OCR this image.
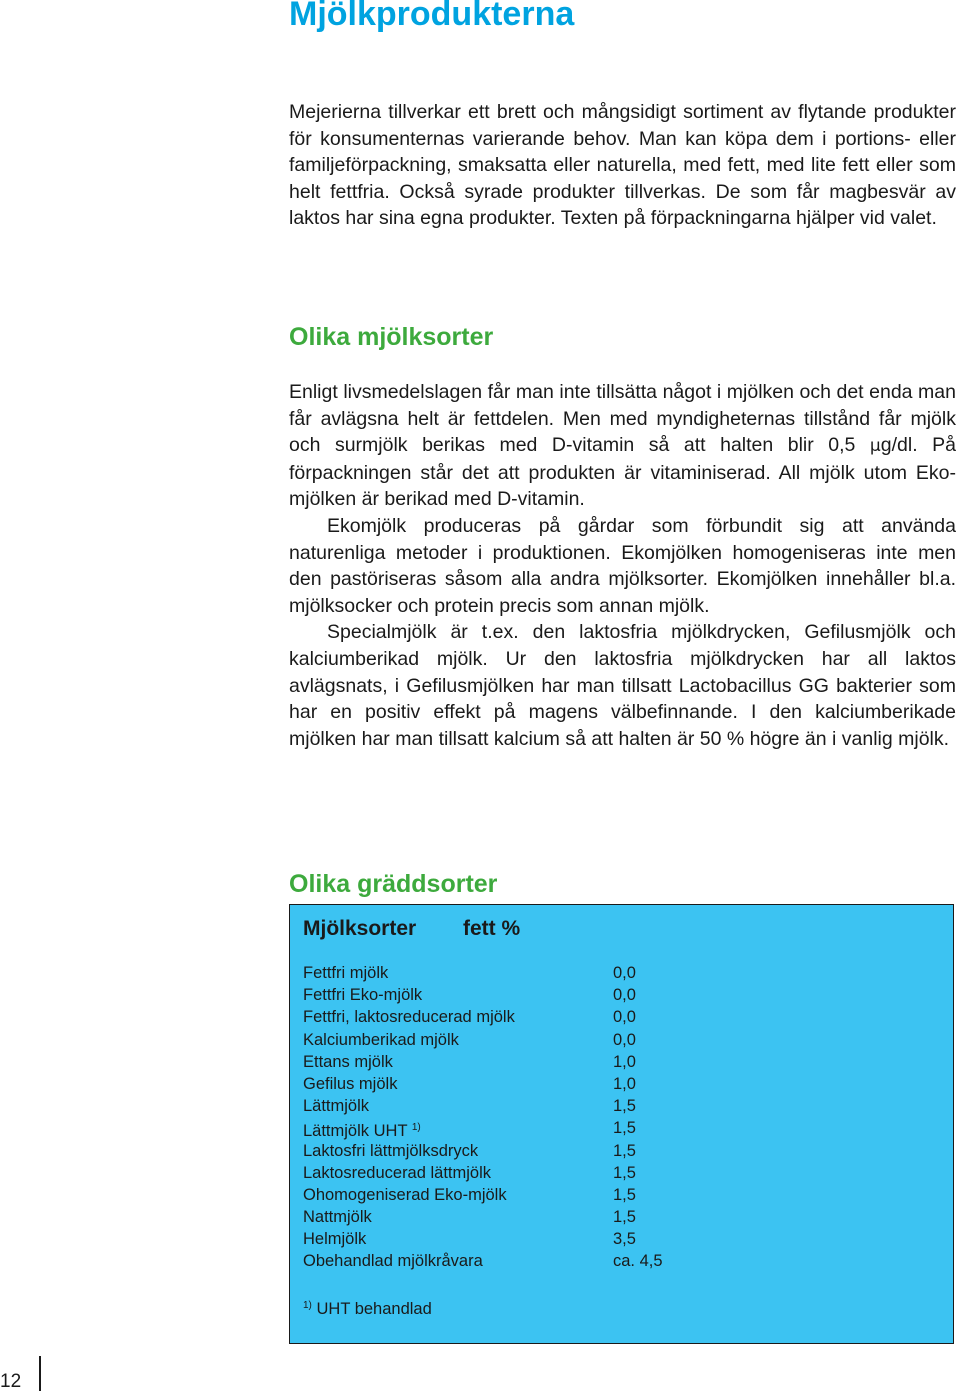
Mjölkprodukterna

Mejerierna tillverkar ett brett och mångsidigt sortiment av flytande produkter för konsumenternas varierande behov. Man kan köpa dem i portions- eller familjeförpackning, smaksatta eller naturella, med fett, med lite fett eller som helt fettfria. Också syrade produkter tillverkas. De som får magbesvär av laktos har sina egna produkter. Texten på förpackningarna hjälper vid valet.

Olika mjölksorter

Enligt livsmedelslagen får man inte tillsätta något i mjölken och det enda man får avlägsna helt är fettdelen. Men med myndigheternas tillstånd får mjölk och surmjölk berikas med D-vitamin så att halten blir 0,5 µg/dl. På förpackningen står det att produkten är vitaminiserad. All mjölk utom Eko-mjölken är berikad med D-vitamin.

Ekomjölk produceras på gårdar som förbundit sig att använda naturenliga metoder i produktionen. Ekomjölken homogeniseras inte men den pastöriseras såsom alla andra mjölksorter. Ekomjölken innehåller bl.a. mjölksocker och protein precis som annan mjölk.

Specialmjölk är t.ex. den laktosfria mjölkdrycken, Gefilusmjölk och kalciumberikad mjölk. Ur den laktosfria mjölkdrycken har all laktos avlägsnats, i Gefilusmjölken har man tillsatt Lactobacillus GG bakterier som har en positiv effekt på magens välbefinnande. I den kalciumberikade mjölken har man tillsatt kalcium så att halten är 50 % högre än i vanlig mjölk.

Olika gräddsorter
Mjölksorter fett %
Fettfri mjölk	0,0
Fettfri Eko-mjölk	0,0
Fettfri, laktosreducerad mjölk	0,0
Kalciumberikad mjölk	0,0
Ettans mjölk	1,0
Gefilus mjölk	1,0
Lättmjölk	1,5
Lättmjölk UHT $^{1)}$	1,5
Laktosfri lättmjölksdryck	1,5
Laktosreducerad lättmjölk	1,5
Ohomogeniserad Eko-mjölk	1,5
Nattmjölk	1,5
Helmjölk	3,5
Obehandlad mjölkråvara	ca. 4,5
$^{1)}$ UHT behandlad
12
